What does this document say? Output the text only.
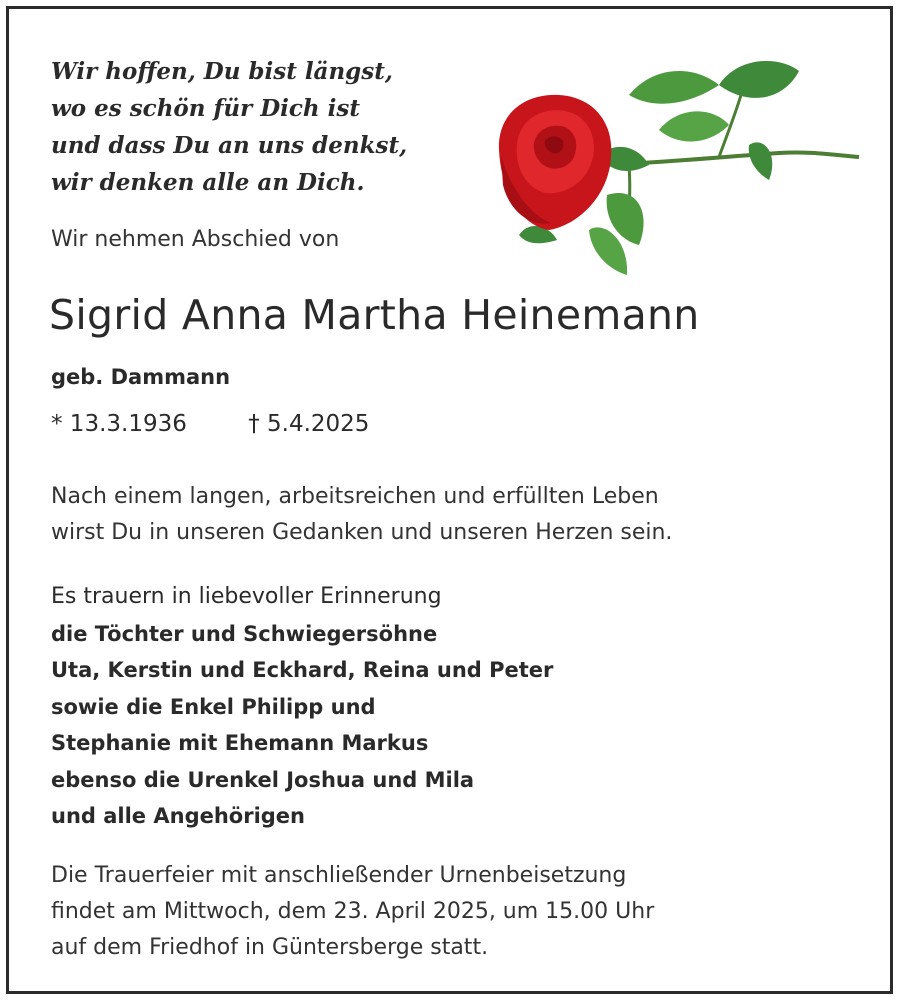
Wir hoffen, Du bist längst,
wo es schön für Dich ist
und dass Du an uns denkst,
wir denken alle an Dich.
Wir nehmen Abschied von
Sigrid Anna Martha Heinemann
geb. Dammann
* 13.3.1936	† 5.4.2025
Nach einem langen, arbeitsreichen und erfüllten Leben
wirst Du in unseren Gedanken und unseren Herzen sein.
Es trauern in liebevoller Erinnerung
die Töchter und Schwiegersöhne
Uta, Kerstin und Eckhard, Reina und Peter
sowie die Enkel Philipp und
Stephanie mit Ehemann Markus
ebenso die Urenkel Joshua und Mila
und alle Angehörigen
Die Trauerfeier mit anschließender Urnenbeisetzung
findet am Mittwoch, dem 23. April 2025, um 15.00 Uhr
auf dem Friedhof in Güntersberge statt.
